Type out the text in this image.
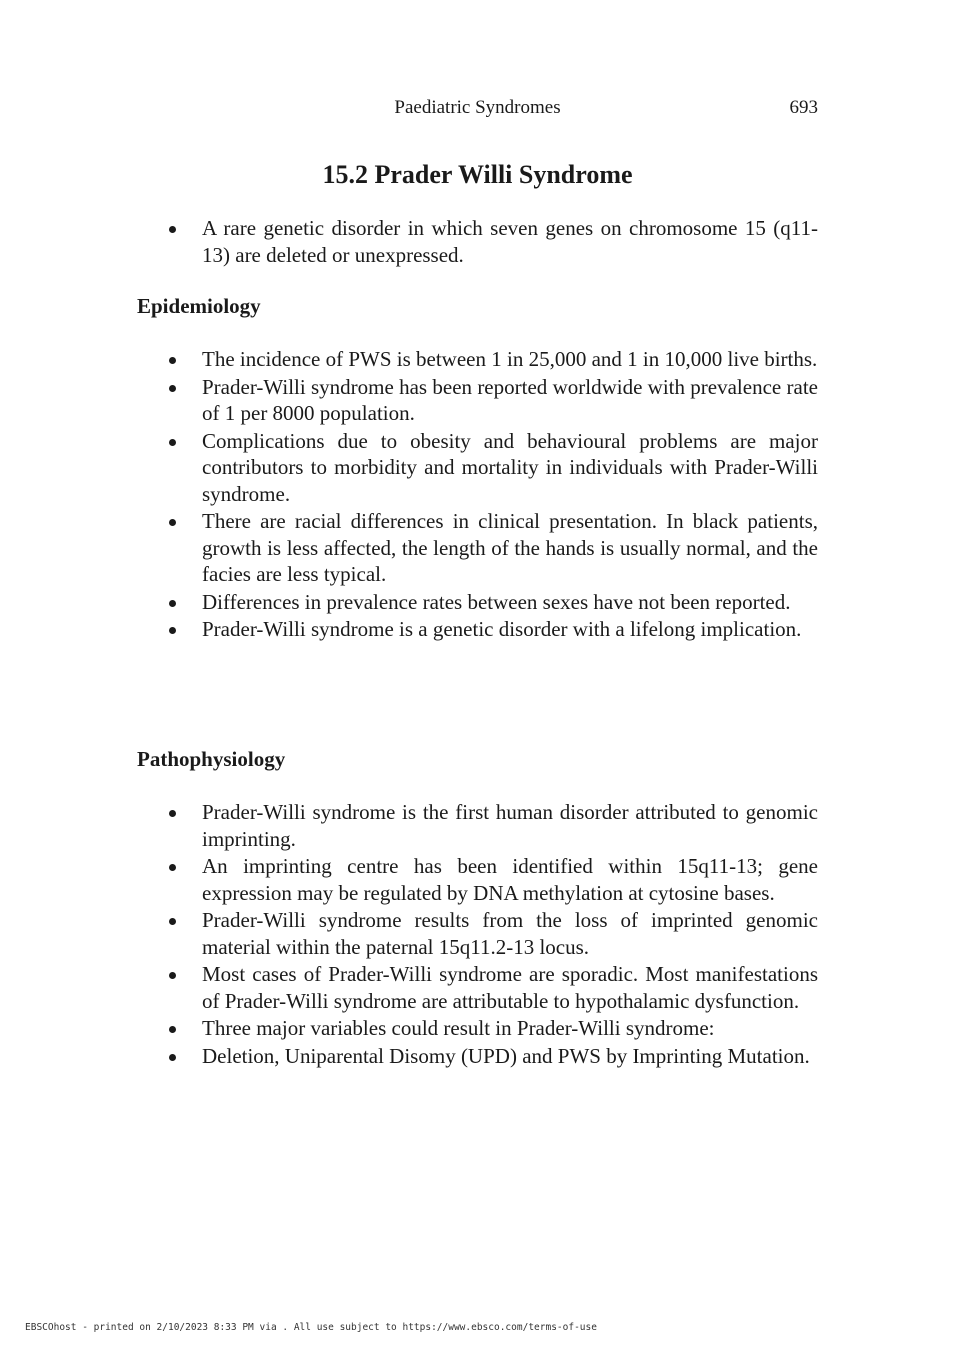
Paediatric Syndromes	693
15.2 Prader Willi Syndrome
A rare genetic disorder in which seven genes on chromosome 15 (q11-13) are deleted or unexpressed.
Epidemiology
The incidence of PWS is between 1 in 25,000 and 1 in 10,000 live births.
Prader-Willi syndrome has been reported worldwide with prevalence rate of 1 per 8000 population.
Complications due to obesity and behavioural problems are major contributors to morbidity and mortality in individuals with Prader-Willi syndrome.
There are racial differences in clinical presentation. In black patients, growth is less affected, the length of the hands is usually normal, and the facies are less typical.
Differences in prevalence rates between sexes have not been reported.
Prader-Willi syndrome is a genetic disorder with a lifelong implication.
Pathophysiology
Prader-Willi syndrome is the first human disorder attributed to genomic imprinting.
An imprinting centre has been identified within 15q11-13; gene expression may be regulated by DNA methylation at cytosine bases.
Prader-Willi syndrome results from the loss of imprinted genomic material within the paternal 15q11.2-13 locus.
Most cases of Prader-Willi syndrome are sporadic. Most manifestations of Prader-Willi syndrome are attributable to hypothalamic dysfunction.
Three major variables could result in Prader-Willi syndrome:
Deletion, Uniparental Disomy (UPD) and PWS by Imprinting Mutation.
EBSCOhost - printed on 2/10/2023 8:33 PM via . All use subject to https://www.ebsco.com/terms-of-use
